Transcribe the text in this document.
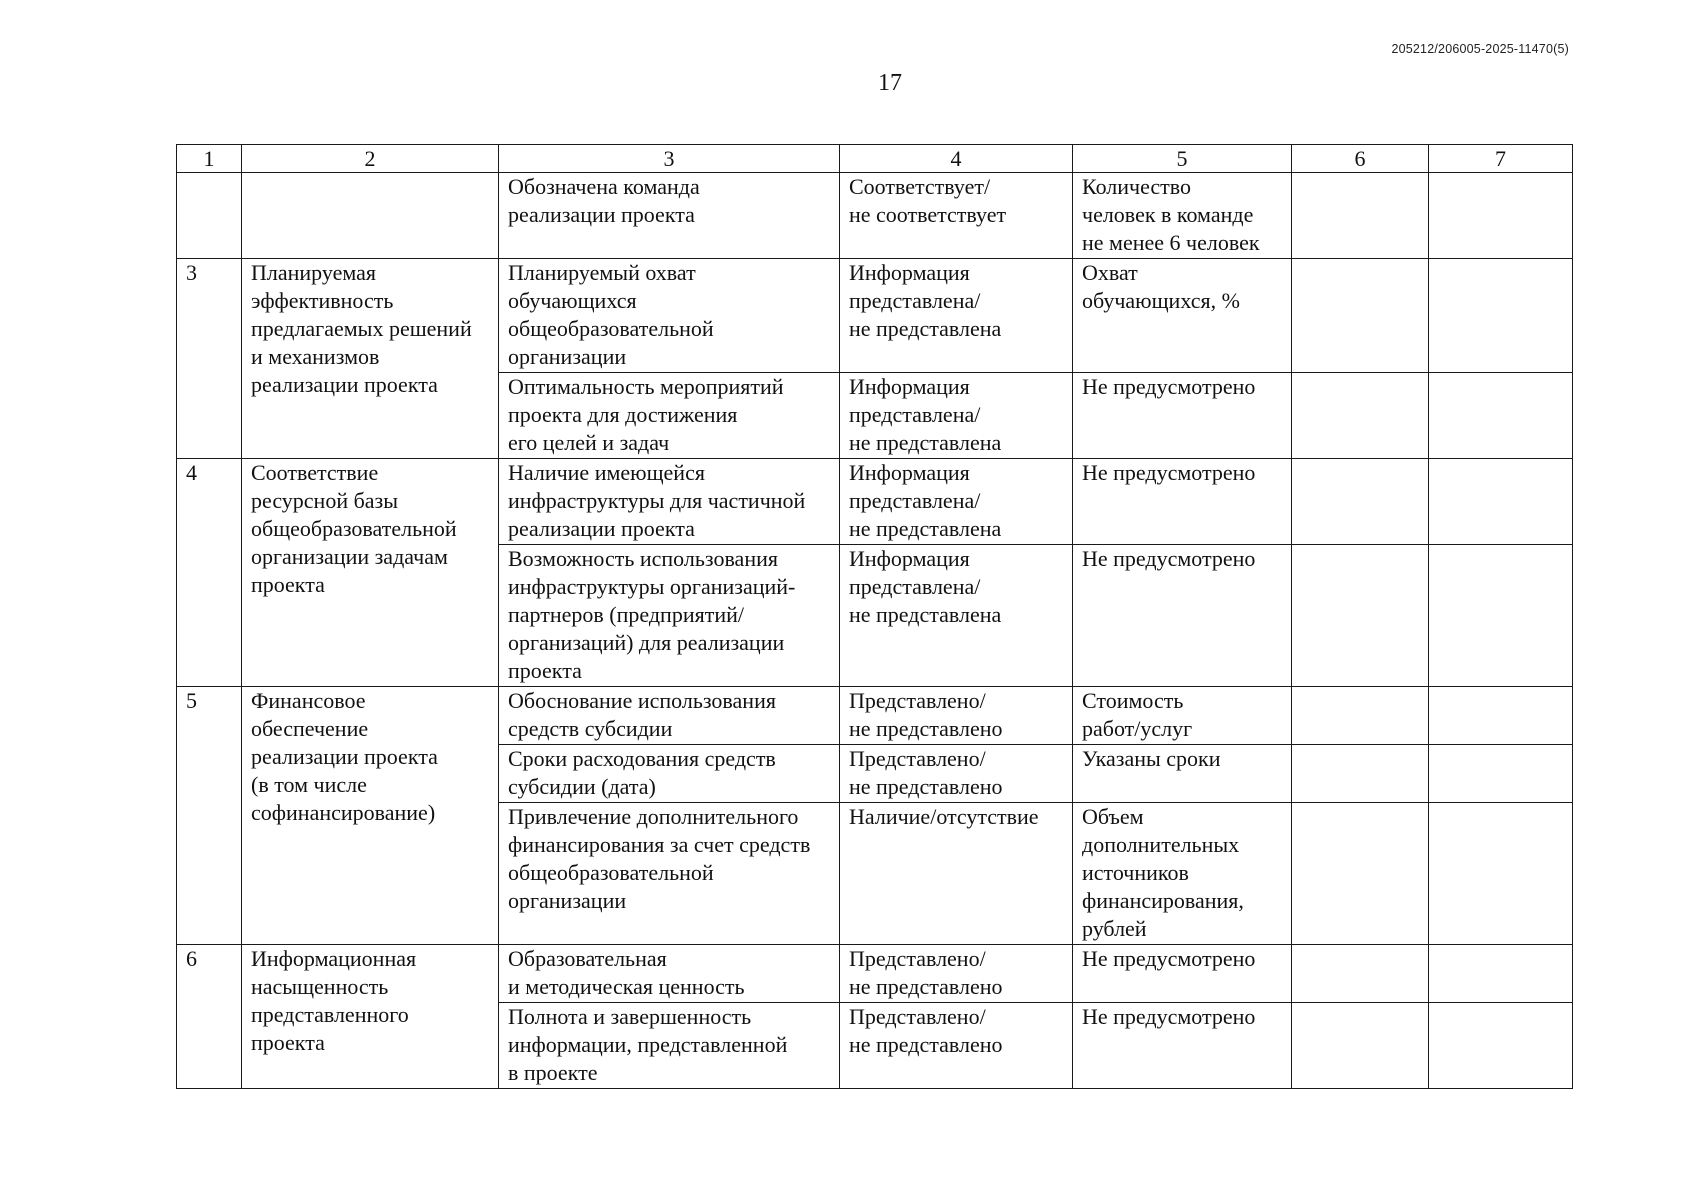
205212/206005-2025-11470(5)
17
1	2	3	4	5	6	7

		Обозначена команда
реализации проекта	Соответствует/
не соответствует	Количество
человек в команде
не менее 6 человек		

3	Планируемая
эффективность
предлагаемых решений
и механизмов
реализации проекта	Планируемый охват
обучающихся
общеобразовательной
организации	Информация
представлена/
не представлена	Охват
обучающихся, %		

		Оптимальность мероприятий
проекта для достижения
его целей и задач	Информация
представлена/
не представлена	Не предусмотрено		

4	Соответствие
ресурсной базы
общеобразовательной
организации задачам
проекта	Наличие имеющейся
инфраструктуры для частичной
реализации проекта	Информация
представлена/
не представлена	Не предусмотрено		

		Возможность использования
инфраструктуры организаций-
партнеров (предприятий/
организаций) для реализации
проекта	Информация
представлена/
не представлена	Не предусмотрено		

5	Финансовое
обеспечение
реализации проекта
(в том числе
софинансирование)	Обоснование использования
средств субсидии	Представлено/
не представлено	Стоимость
работ/услуг		

		Сроки расходования средств
субсидии (дата)	Представлено/
не представлено	Указаны сроки		

		Привлечение дополнительного
финансирования за счет средств
общеобразовательной
организации	Наличие/отсутствие	Объем
дополнительных
источников
финансирования,
рублей		

6	Информационная
насыщенность
представленного
проекта	Образовательная
и методическая ценность	Представлено/
не представлено	Не предусмотрено		

		Полнота и завершенность
информации, представленной
в проекте	Представлено/
не представлено	Не предусмотрено		
